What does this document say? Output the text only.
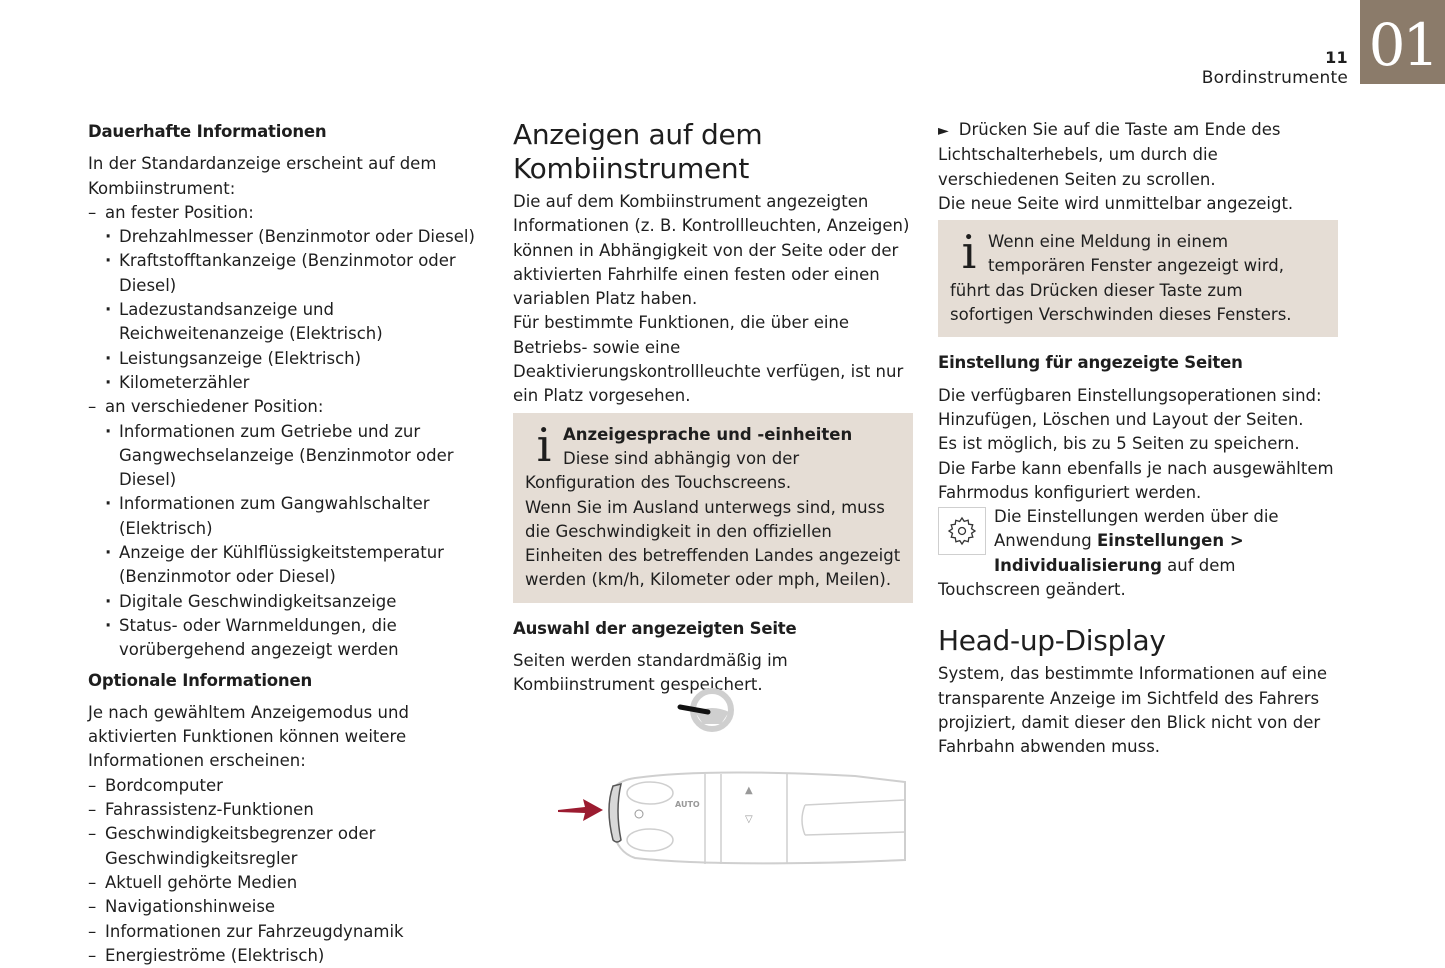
11
Bordinstrumente 01
Dauerhafte Informationen

In der Standardanzeige erscheint auf dem Kombiinstrument:

– an fester Position:
· Drehzahlmesser (Benzinmotor oder Diesel)
· Kraftstofftankanzeige (Benzinmotor oder Diesel)
· Ladezustandsanzeige und Reichweitenanzeige (Elektrisch)
· Leistungsanzeige (Elektrisch)
· Kilometerzähler
– an verschiedener Position:
· Informationen zum Getriebe und zur Gangwechselanzeige (Benzinmotor oder Diesel)
· Informationen zum Gangwahlschalter (Elektrisch)
· Anzeige der Kühlflüssigkeitstemperatur (Benzinmotor oder Diesel)
· Digitale Geschwindigkeitsanzeige
· Status- oder Warnmeldungen, die vorübergehend angezeigt werden
Optionale Informationen

Je nach gewähltem Anzeigemodus und aktivierten Funktionen können weitere Informationen erscheinen:

– Bordcomputer
– Fahrassistenz-Funktionen
– Geschwindigkeitsbegrenzer oder Geschwindigkeitsregler
– Aktuell gehörte Medien
– Navigationshinweise
– Informationen zur Fahrzeugdynamik
– Energieströme (Elektrisch)
Anzeigen auf dem Kombiinstrument

Die auf dem Kombiinstrument angezeigten Informationen (z. B. Kontrollleuchten, Anzeigen) können in Abhängigkeit von der Seite oder der aktivierten Fahrhilfe einen festen oder einen variablen Platz haben.

Für bestimmte Funktionen, die über eine Betriebs- sowie eine Deaktivierungskontrollleuchte verfügen, ist nur ein Platz vorgesehen.

i Anzeigesprache und -einheiten
Diese sind abhängig von der Konfiguration des Touchscreens.
Wenn Sie im Ausland unterwegs sind, muss die Geschwindigkeit in den offiziellen Einheiten des betreffenden Landes angezeigt werden (km/h, Kilometer oder mph, Meilen).
Auswahl der angezeigten Seite

Seiten werden standardmäßig im Kombiinstrument gespeichert.

AUTO
▲
▽

► Drücken Sie auf die Taste am Ende des Lichtschalterhebels, um durch die verschiedenen Seiten zu scrollen.

Die neue Seite wird unmittelbar angezeigt.

i Wenn eine Meldung in einem temporären Fenster angezeigt wird, führt das Drücken dieser Taste zum sofortigen Verschwinden dieses Fensters.
Einstellung für angezeigte Seiten

Die verfügbaren Einstellungsoperationen sind: Hinzufügen, Löschen und Layout der Seiten.

Es ist möglich, bis zu 5 Seiten zu speichern.

Die Farbe kann ebenfalls je nach ausgewähltem Fahrmodus konfiguriert werden.

Die Einstellungen werden über die Anwendung Einstellungen > Individualisierung auf dem Touchscreen geändert.
Head-up-Display

System, das bestimmte Informationen auf eine transparente Anzeige im Sichtfeld des Fahrers projiziert, damit dieser den Blick nicht von der Fahrbahn abwenden muss.
